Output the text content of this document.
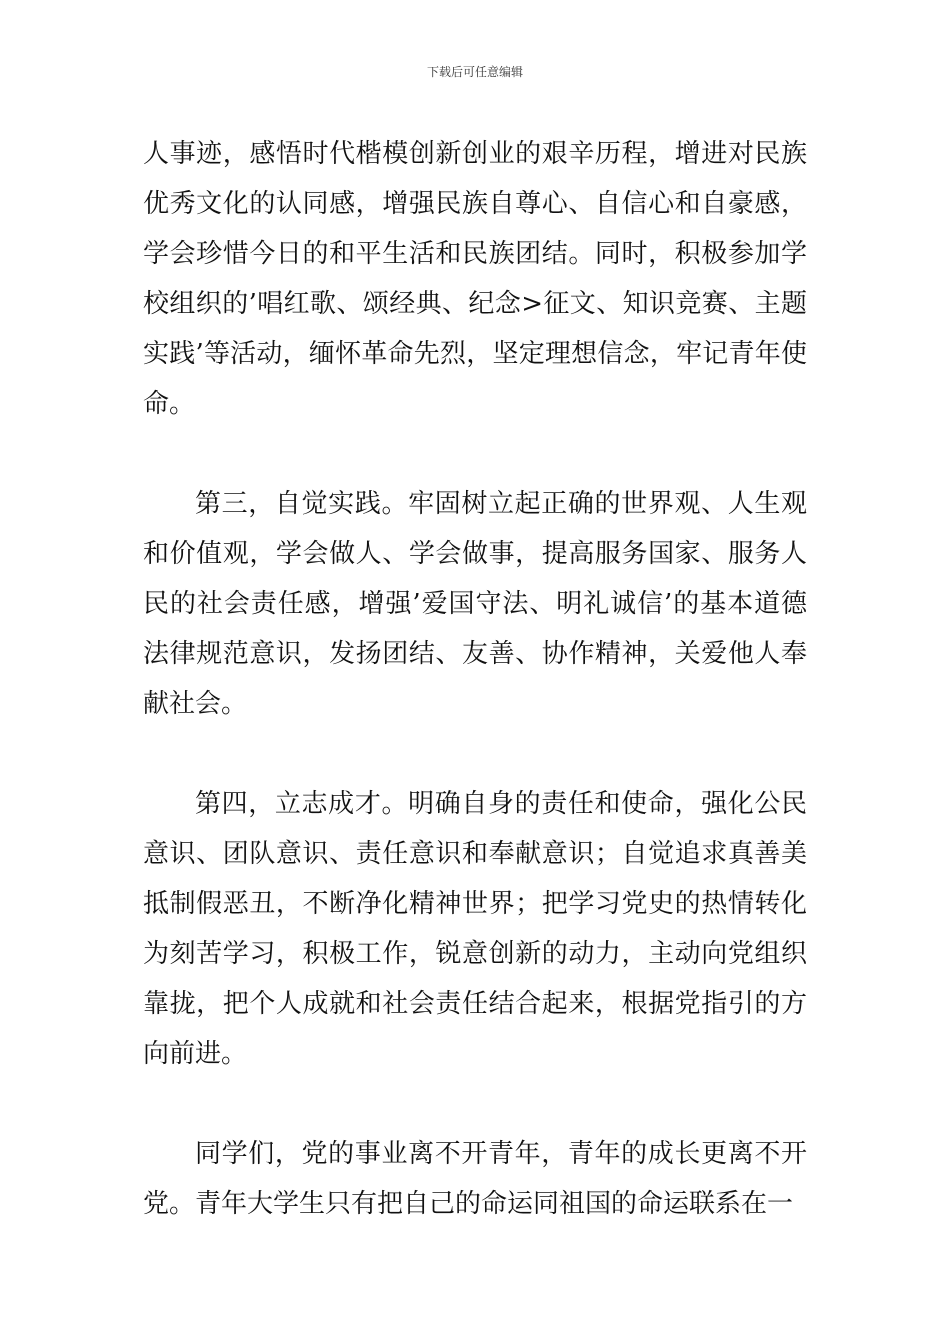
下载后可任意编辑

人事迹，感悟时代楷模创新创业的艰辛历程，增进对民族优秀文化的认同感，增强民族自尊心、自信心和自豪感，学会珍惜今日的和平生活和民族团结。同时，积极参加学校组织的’唱红歌、颂经典、纪念>征文、知识竞赛、主题实践’等活动，缅怀革命先烈，坚定理想信念，牢记青年使命。

第三，自觉实践。牢固树立起正确的世界观、人生观和价值观，学会做人、学会做事，提高服务国家、服务人民的社会责任感，增强’爱国守法、明礼诚信’的基本道德法律规范意识，发扬团结、友善、协作精神，关爱他人奉献社会。

第四，立志成才。明确自身的责任和使命，强化公民意识、团队意识、责任意识和奉献意识；自觉追求真善美抵制假恶丑，不断净化精神世界；把学习党史的热情转化为刻苦学习，积极工作，锐意创新的动力，主动向党组织靠拢，把个人成就和社会责任结合起来，根据党指引的方向前进。

同学们，党的事业离不开青年，青年的成长更离不开党。青年大学生只有把自己的命运同祖国的命运联系在一
